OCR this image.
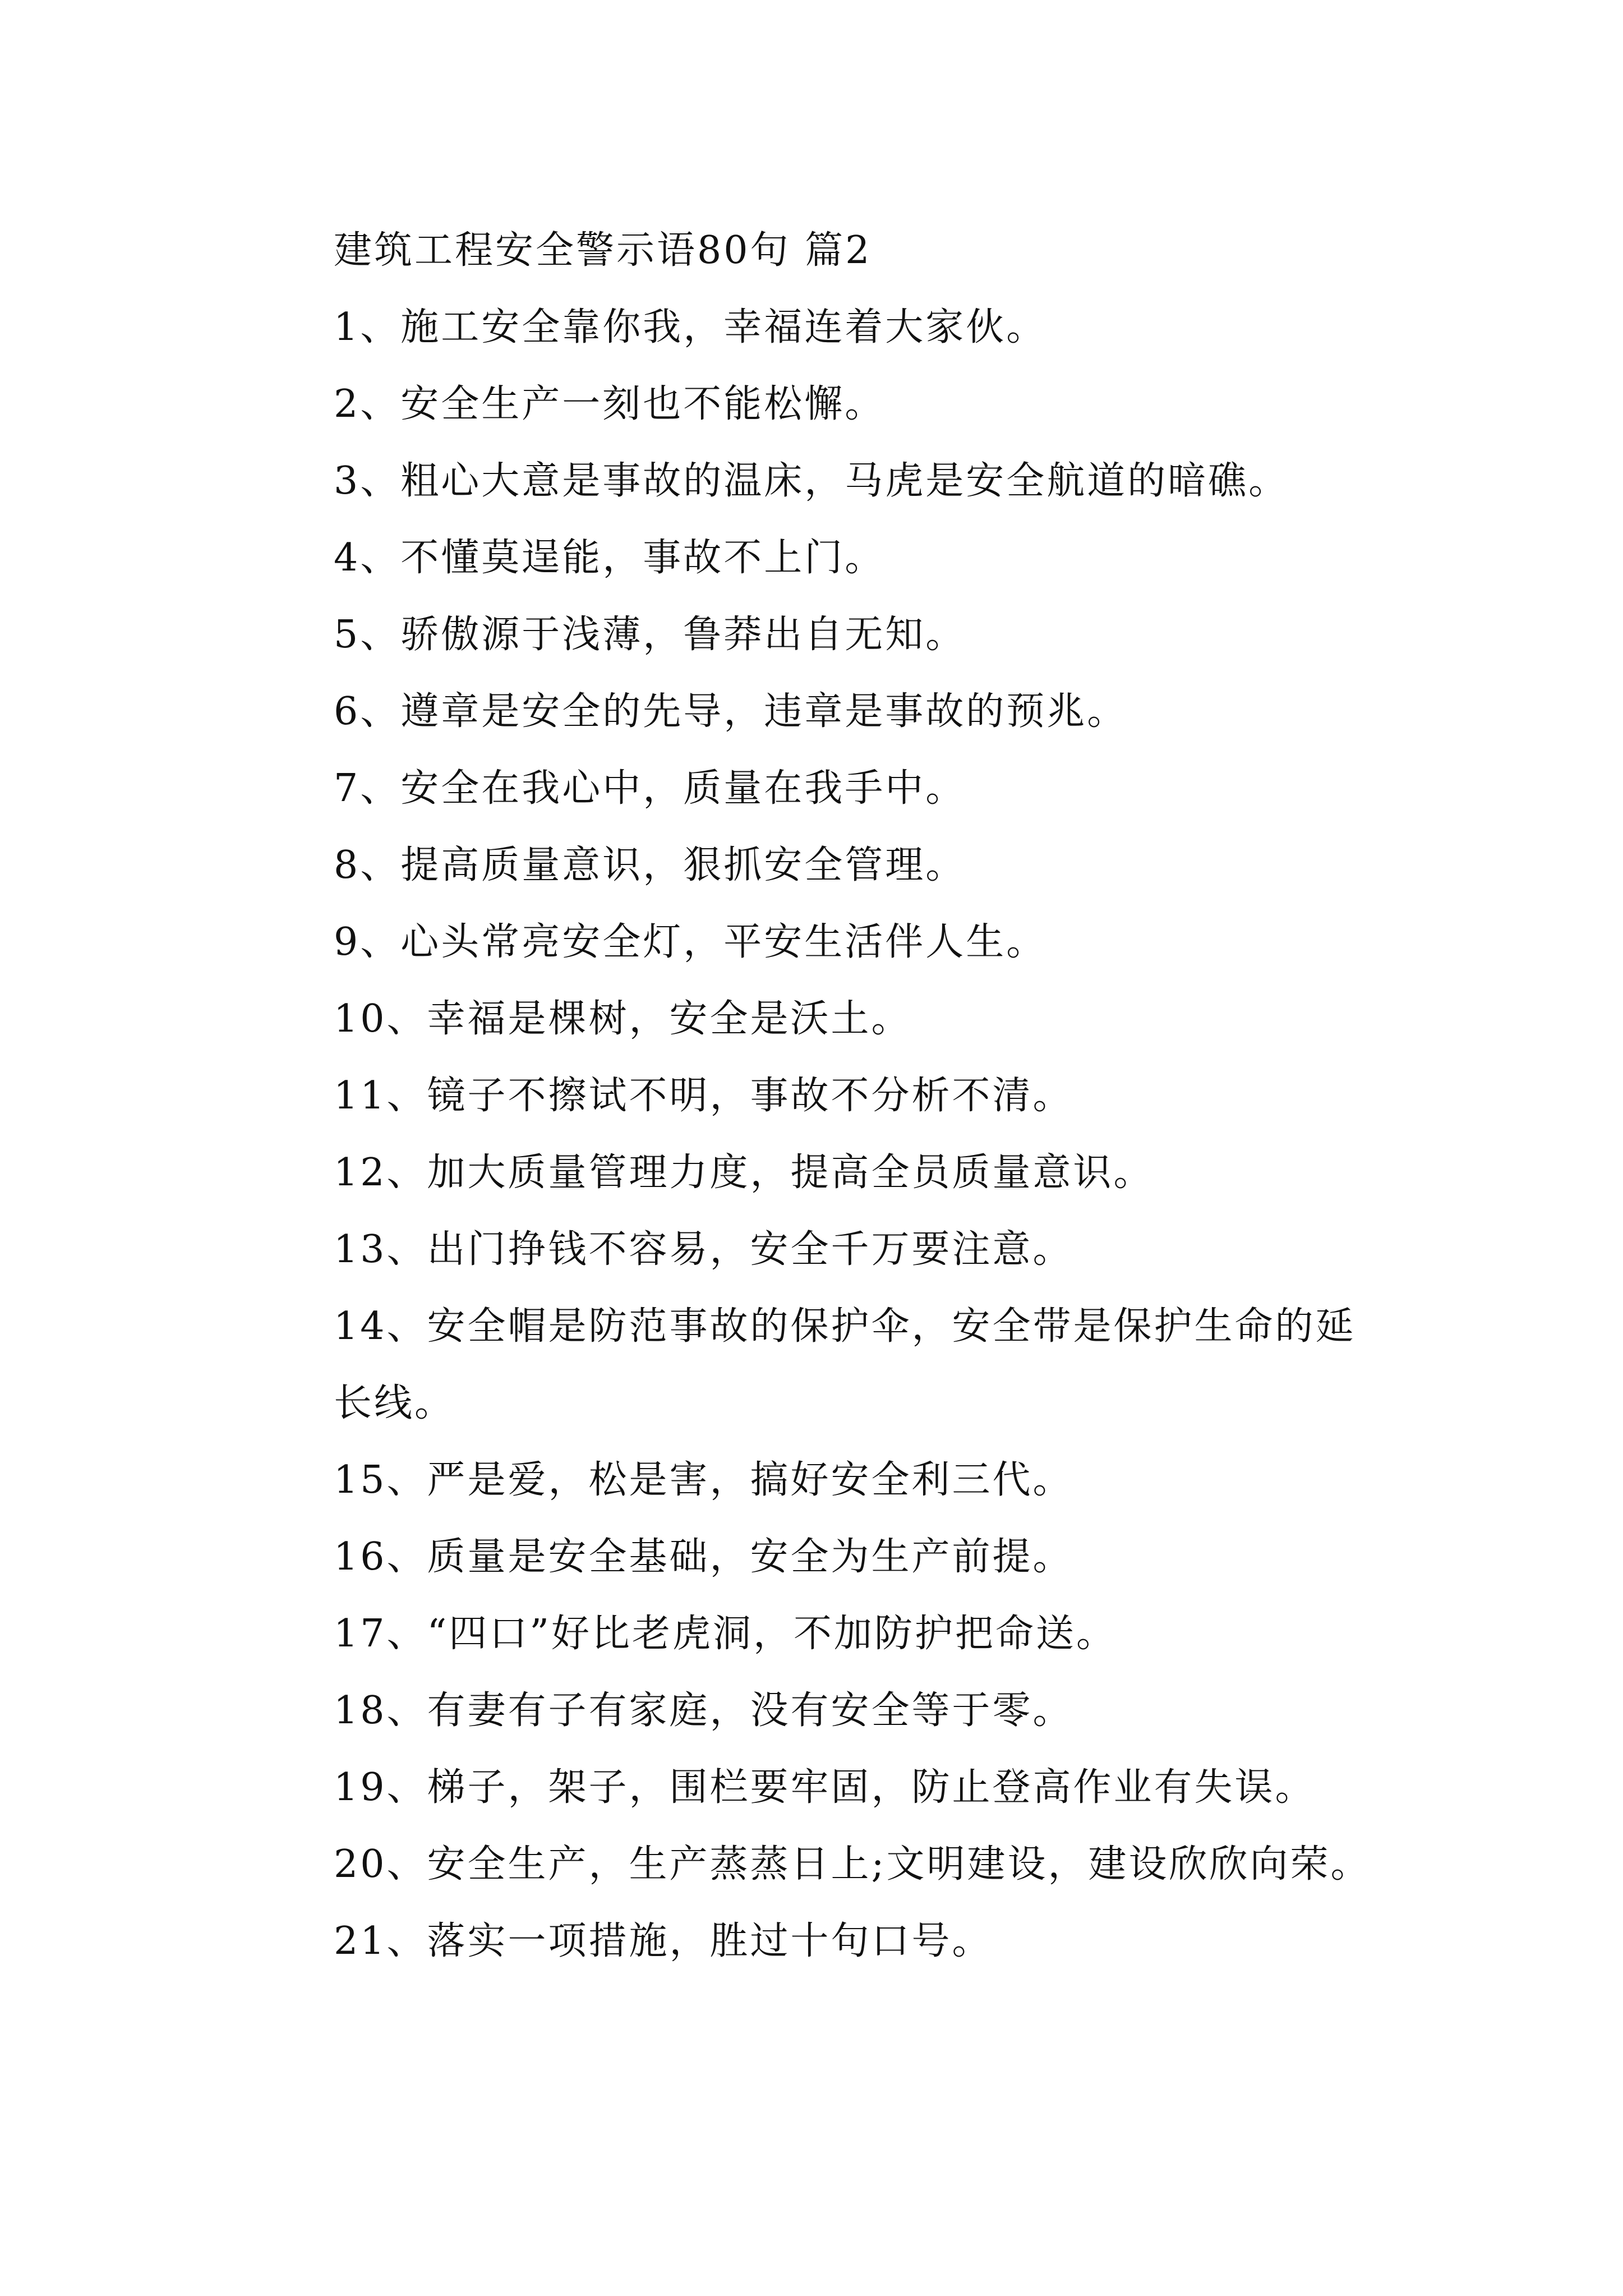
建筑工程安全警示语80句 篇2

1、施工安全靠你我，幸福连着大家伙。

2、安全生产一刻也不能松懈。

3、粗心大意是事故的温床，马虎是安全航道的暗礁。

4、不懂莫逞能，事故不上门。

5、骄傲源于浅薄，鲁莽出自无知。

6、遵章是安全的先导，违章是事故的预兆。

7、安全在我心中，质量在我手中。

8、提高质量意识，狠抓安全管理。

9、心头常亮安全灯，平安生活伴人生。

10、幸福是棵树，安全是沃土。

11、镜子不擦试不明，事故不分析不清。

12、加大质量管理力度，提高全员质量意识。

13、出门挣钱不容易，安全千万要注意。

14、安全帽是防范事故的保护伞，安全带是保护生命的延长线。

15、严是爱，松是害，搞好安全利三代。

16、质量是安全基础，安全为生产前提。

17、“四口”好比老虎洞，不加防护把命送。

18、有妻有子有家庭，没有安全等于零。

19、梯子，架子，围栏要牢固，防止登高作业有失误。

20、安全生产，生产蒸蒸日上;文明建设，建设欣欣向荣。

21、落实一项措施，胜过十句口号。
